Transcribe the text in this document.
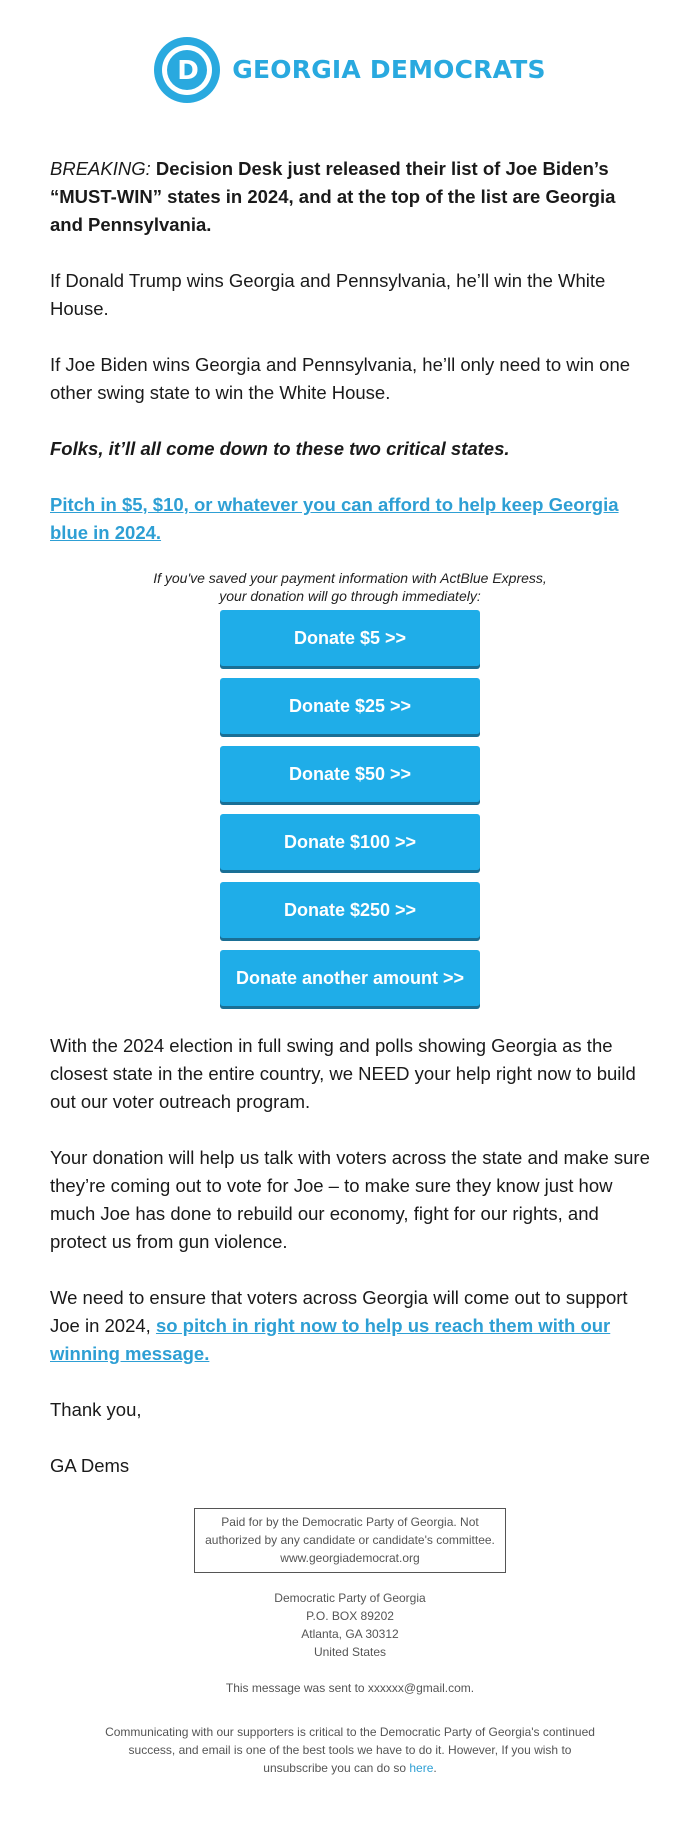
D GEORGIA DEMOCRATS

BREAKING: Decision Desk just released their list of Joe Biden’s “MUST-WIN” states in 2024, and at the top of the list are Georgia and Pennsylvania.

If Donald Trump wins Georgia and Pennsylvania, he’ll win the White House.

If Joe Biden wins Georgia and Pennsylvania, he’ll only need to win one other swing state to win the White House.

Folks, it’ll all come down to these two critical states.

Pitch in $5, $10, or whatever you can afford to help keep Georgia blue in 2024.

If you've saved your payment information with ActBlue Express,
your donation will go through immediately:

Donate $5 >>
Donate $25 >>
Donate $50 >>
Donate $100 >>
Donate $250 >>
Donate another amount >>

With the 2024 election in full swing and polls showing Georgia as the closest state in the entire country, we NEED your help right now to build out our voter outreach program.

Your donation will help us talk with voters across the state and make sure they’re coming out to vote for Joe – to make sure they know just how much Joe has done to rebuild our economy, fight for our rights, and protect us from gun violence.

We need to ensure that voters across Georgia will come out to support Joe in 2024, so pitch in right now to help us reach them with our winning message.

Thank you,

GA Dems

Paid for by the Democratic Party of Georgia. Not
authorized by any candidate or candidate's committee.
www.georgiademocrat.org
Democratic Party of Georgia
P.O. BOX 89202
Atlanta, GA 30312
United States
This message was sent to xxxxxx@gmail.com.
Communicating with our supporters is critical to the Democratic Party of Georgia's continued success, and email is one of the best tools we have to do it. However, If you wish to unsubscribe you can do so here.
